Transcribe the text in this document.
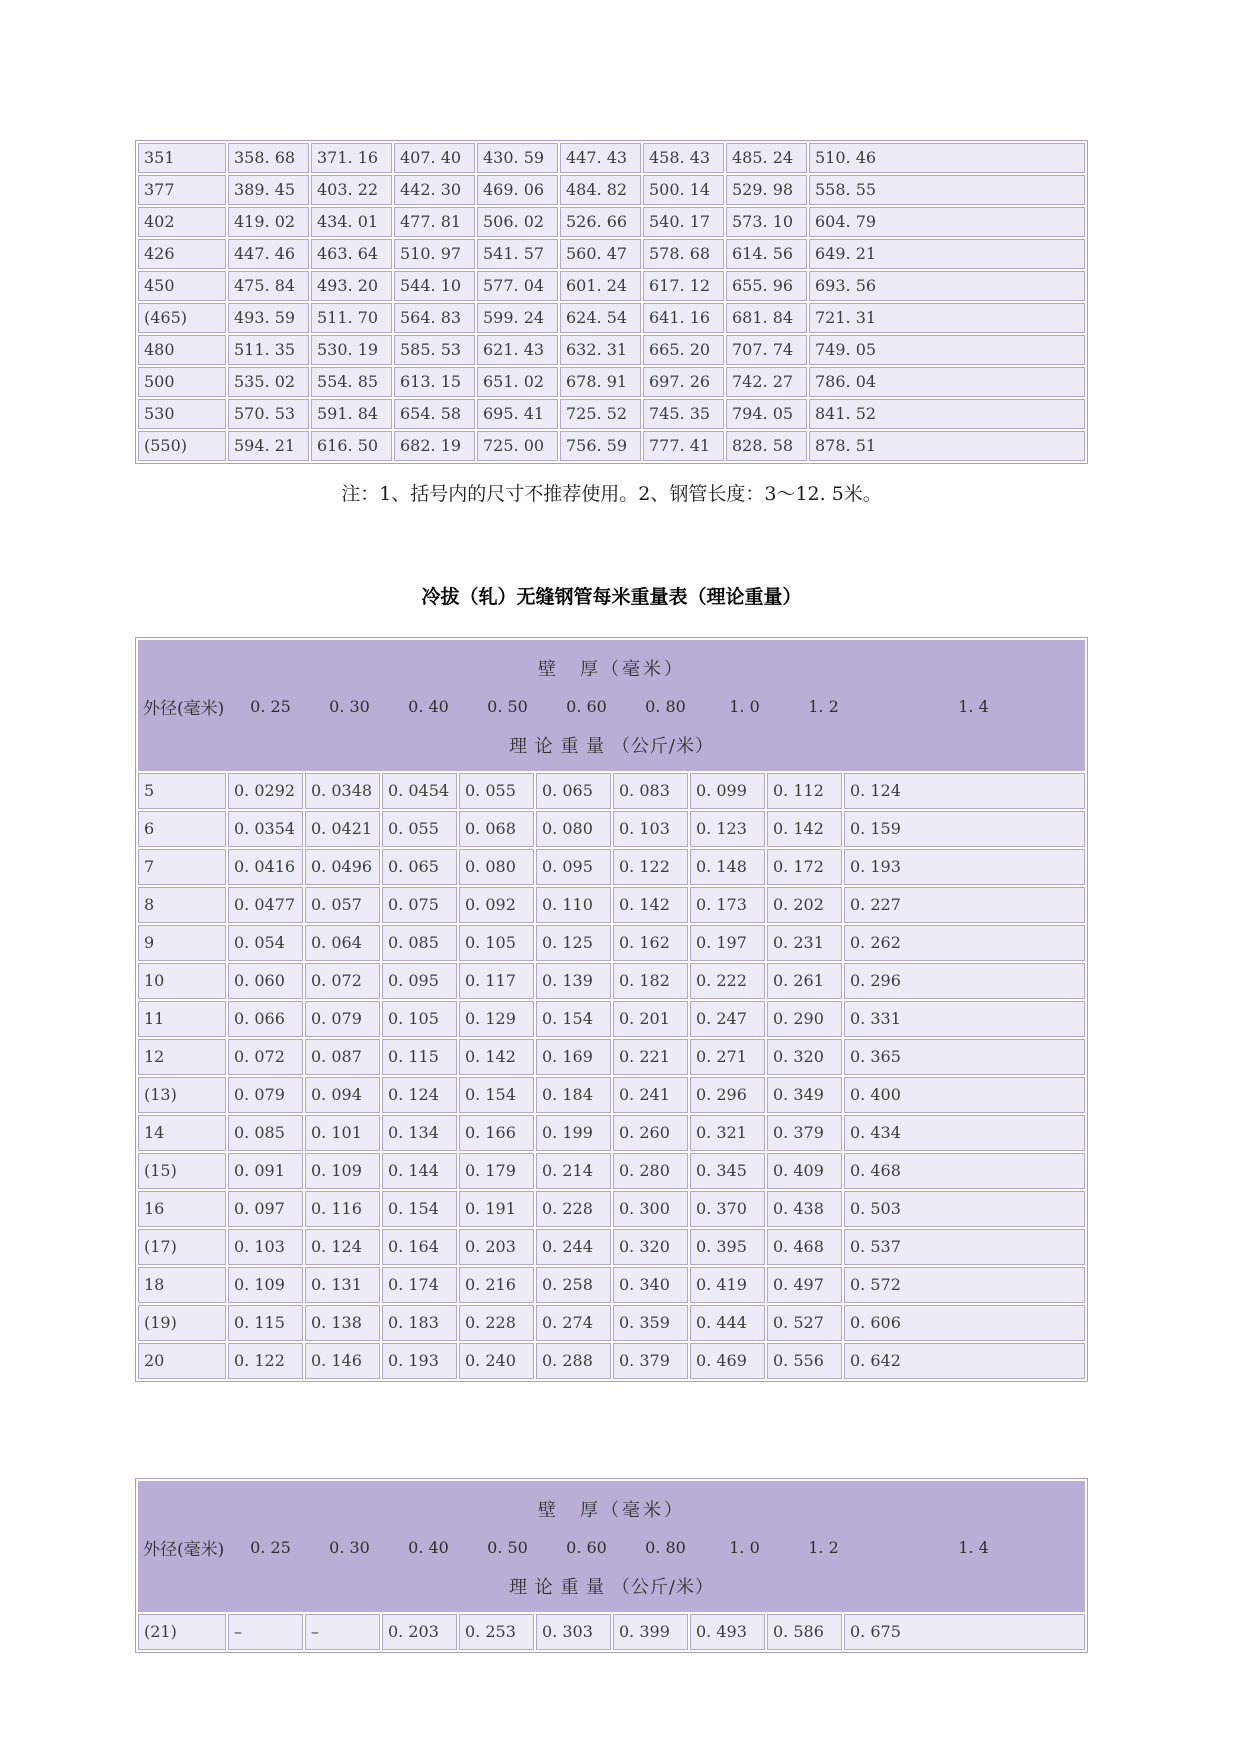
351	358. 68	371. 16	407. 40	430. 59	447. 43	458. 43	485. 24	510. 46
377	389. 45	403. 22	442. 30	469. 06	484. 82	500. 14	529. 98	558. 55
402	419. 02	434. 01	477. 81	506. 02	526. 66	540. 17	573. 10	604. 79
426	447. 46	463. 64	510. 97	541. 57	560. 47	578. 68	614. 56	649. 21
450	475. 84	493. 20	544. 10	577. 04	601. 24	617. 12	655. 96	693. 56
(465)	493. 59	511. 70	564. 83	599. 24	624. 54	641. 16	681. 84	721. 31
480	511. 35	530. 19	585. 53	621. 43	632. 31	665. 20	707. 74	749. 05
500	535. 02	554. 85	613. 15	651. 02	678. 91	697. 26	742. 27	786. 04
530	570. 53	591. 84	654. 58	695. 41	725. 52	745. 35	794. 05	841. 52
(550)	594. 21	616. 50	682. 19	725. 00	756. 59	777. 41	828. 58	878. 51

注：1、括号内的尺寸不推荐使用。2、钢管长度：3～12. 5米。

冷拔（轧）无缝钢管每米重量表（理论重量）
壁　厚（毫米）
外径(毫米)	0. 25	0. 30	0. 40	0. 50	0. 60	0. 80	1. 0	1. 2	1. 4
理 论 重 量 （公斤/米）

5	0. 0292	0. 0348	0. 0454	0. 055	0. 065	0. 083	0. 099	0. 112	0. 124
6	0. 0354	0. 0421	0. 055	0. 068	0. 080	0. 103	0. 123	0. 142	0. 159
7	0. 0416	0. 0496	0. 065	0. 080	0. 095	0. 122	0. 148	0. 172	0. 193
8	0. 0477	0. 057	0. 075	0. 092	0. 110	0. 142	0. 173	0. 202	0. 227
9	0. 054	0. 064	0. 085	0. 105	0. 125	0. 162	0. 197	0. 231	0. 262
10	0. 060	0. 072	0. 095	0. 117	0. 139	0. 182	0. 222	0. 261	0. 296
11	0. 066	0. 079	0. 105	0. 129	0. 154	0. 201	0. 247	0. 290	0. 331
12	0. 072	0. 087	0. 115	0. 142	0. 169	0. 221	0. 271	0. 320	0. 365
(13)	0. 079	0. 094	0. 124	0. 154	0. 184	0. 241	0. 296	0. 349	0. 400
14	0. 085	0. 101	0. 134	0. 166	0. 199	0. 260	0. 321	0. 379	0. 434
(15)	0. 091	0. 109	0. 144	0. 179	0. 214	0. 280	0. 345	0. 409	0. 468
16	0. 097	0. 116	0. 154	0. 191	0. 228	0. 300	0. 370	0. 438	0. 503
(17)	0. 103	0. 124	0. 164	0. 203	0. 244	0. 320	0. 395	0. 468	0. 537
18	0. 109	0. 131	0. 174	0. 216	0. 258	0. 340	0. 419	0. 497	0. 572
(19)	0. 115	0. 138	0. 183	0. 228	0. 274	0. 359	0. 444	0. 527	0. 606
20	0. 122	0. 146	0. 193	0. 240	0. 288	0. 379	0. 469	0. 556	0. 642
壁　厚（毫米）
外径(毫米)	0. 25	0. 30	0. 40	0. 50	0. 60	0. 80	1. 0	1. 2	1. 4
理 论 重 量 （公斤/米）

(21)	–	–	0. 203	0. 253	0. 303	0. 399	0. 493	0. 586	0. 675
